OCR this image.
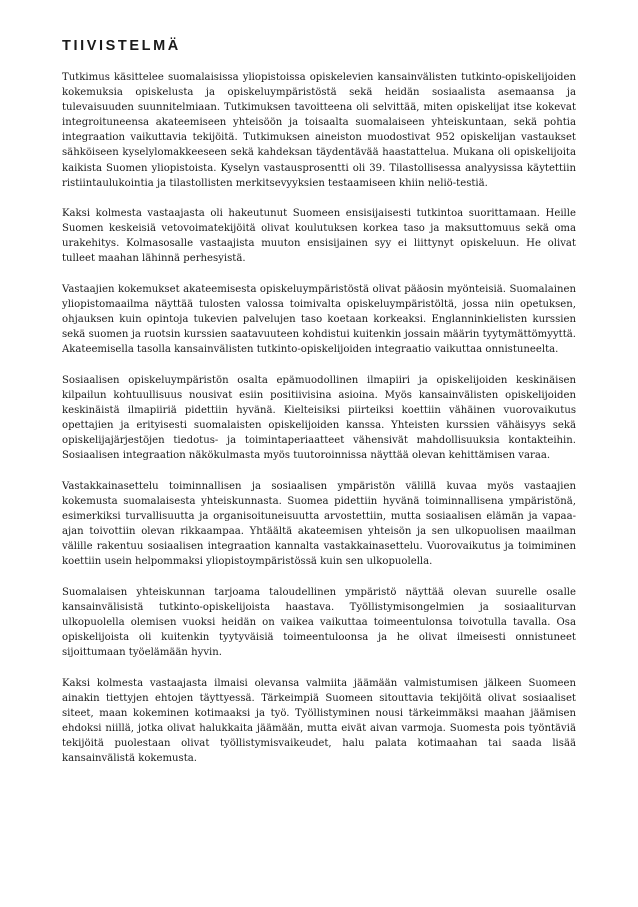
TIIVISTELMÄ

Tutkimus käsittelee suomalaisissa yliopistoissa opiskelevien kansainvälisten tutkinto-opiskelijoiden kokemuksia opiskelusta ja opiskeluympäristöstä sekä heidän sosiaalista asemaansa ja tulevaisuuden suunnitelmiaan. Tutkimuksen tavoitteena oli selvittää, miten opiskelijat itse kokevat integroituneensa akateemiseen yhteisöön ja toisaalta suomalaiseen yhteiskuntaan, sekä pohtia integraation vaikuttavia tekijöitä. Tutkimuksen aineiston muodostivat 952 opiskelijan vastaukset sähköiseen kyselylomakkeeseen sekä kahdeksan täydentävää haastattelua. Mukana oli opiskelijoita kaikista Suomen yliopistoista. Kyselyn vastausprosentti oli 39. Tilastollisessa analyysissa käytettiin ristiintaulukointia ja tilastollisten merkitsevyyksien testaamiseen khiin neliö-testiä.

Kaksi kolmesta vastaajasta oli hakeutunut Suomeen ensisijaisesti tutkintoa suorittamaan. Heille Suomen keskeisiä vetovoimatekijöitä olivat koulutuksen korkea taso ja maksuttomuus sekä oma urakehitys. Kolmasosalle vastaajista muuton ensisijainen syy ei liittynyt opiskeluun. He olivat tulleet maahan lähinnä perhesyistä.

Vastaajien kokemukset akateemisesta opiskeluympäristöstä olivat pääosin myönteisiä. Suomalainen yliopistomaailma näyttää tulosten valossa toimivalta opiskeluympäristöltä, jossa niin opetuksen, ohjauksen kuin opintoja tukevien palvelujen taso koetaan korkeaksi. Englanninkielisten kurssien sekä suomen ja ruotsin kurssien saatavuuteen kohdistui kuitenkin jossain määrin tyytymättömyyttä. Akateemisella tasolla kansainvälisten tutkinto-opiskelijoiden integraatio vaikuttaa onnistuneelta.

Sosiaalisen opiskeluympäristön osalta epämuodollinen ilmapiiri ja opiskelijoiden keskinäisen kilpailun kohtuullisuus nousivat esiin positiivisina asioina. Myös kansainvälisten opiskelijoiden keskinäistä ilmapiiriä pidettiin hyvänä. Kielteisiksi piirteiksi koettiin vähäinen vuorovaikutus opettajien ja erityisesti suomalaisten opiskelijoiden kanssa. Yhteisten kurssien vähäisyys sekä opiskelijajärjestöjen tiedotus- ja toimintaperiaatteet vähensivät mahdollisuuksia kontakteihin. Sosiaalisen integraation näkökulmasta myös tuutoroinnissa näyttää olevan kehittämisen varaa.

Vastakkainasettelu toiminnallisen ja sosiaalisen ympäristön välillä kuvaa myös vastaajien kokemusta suomalaisesta yhteiskunnasta. Suomea pidettiin hyvänä toiminnallisena ympäristönä, esimerkiksi turvallisuutta ja organisoituneisuutta arvostettiin, mutta sosiaalisen elämän ja vapaa-ajan toivottiin olevan rikkaampaa. Yhtäältä akateemisen yhteisön ja sen ulkopuolisen maailman välille rakentuu sosiaalisen integraation kannalta vastakkainasettelu. Vuorovaikutus ja toimiminen koettiin usein helpommaksi yliopistoympäristössä kuin sen ulkopuolella.

Suomalaisen yhteiskunnan tarjoama taloudellinen ympäristö näyttää olevan suurelle osalle kansainvälisistä tutkinto-opiskelijoista haastava. Työllistymisongelmien ja sosiaaliturvan ulkopuolella olemisen vuoksi heidän on vaikea vaikuttaa toimeentulonsa toivotulla tavalla. Osa opiskelijoista oli kuitenkin tyytyväisiä toimeentuloonsa ja he olivat ilmeisesti onnistuneet sijoittumaan työelämään hyvin.

Kaksi kolmesta vastaajasta ilmaisi olevansa valmiita jäämään valmistumisen jälkeen Suomeen ainakin tiettyjen ehtojen täyttyessä. Tärkeimpiä Suomeen sitouttavia tekijöitä olivat sosiaaliset siteet, maan kokeminen kotimaaksi ja työ. Työllistyminen nousi tärkeimmäksi maahan jäämisen ehdoksi niillä, jotka olivat halukkaita jäämään, mutta eivät aivan varmoja. Suomesta pois työntäviä tekijöitä puolestaan olivat työllistymisvaikeudet, halu palata kotimaahan tai saada lisää kansainvälistä kokemusta.
